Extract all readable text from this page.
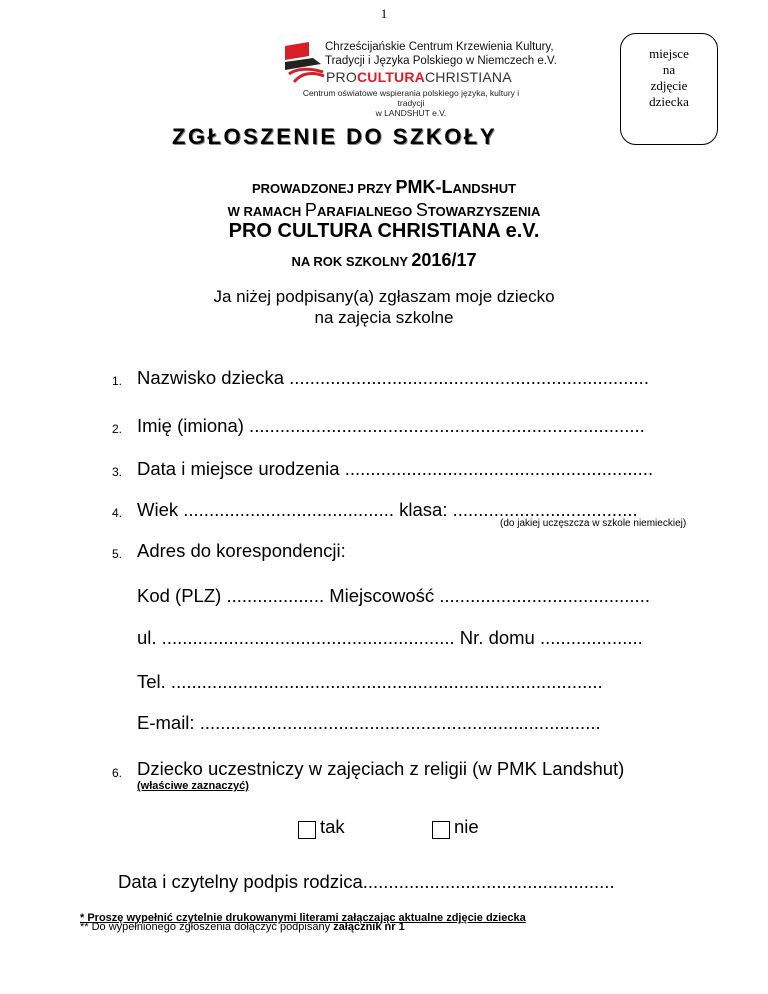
1
miejsce
na
zdjęcie
dziecka
Chrześcijańskie Centrum Krzewienia Kultury,
Tradycji i Języka Polskiego w Niemczech e.V.
PROCULTURACHRISTIANA
Centrum oświatowe wspierania polskiego języka, kultury i tradycji
w LANDSHUT e.V.
ZGŁOSZENIE DO SZKOŁY
PROWADZONEJ PRZY PMK-LANDSHUT
W RAMACH PARAFIALNEGO STOWARZYSZENIA
PRO CULTURA CHRISTIANA e.V.
NA ROK SZKOLNY 2016/17
Ja niżej podpisany(a) zgłaszam moje dziecko
na zajęcia szkolne
1. Nazwisko dziecka ......................................................................
2. Imię (imiona) .............................................................................
3. Data i miejsce urodzenia ............................................................
4. Wiek ......................................... klasa: ....................................
(do jakiej uczęszcza w szkole niemieckiej)
5. Adres do korespondencji:
Kod (PLZ) ................... Miejscowość .........................................
ul. ......................................................... Nr. domu ....................
Tel. ....................................................................................
E-mail: ..............................................................................
6. Dziecko uczestniczy w zajęciach z religii (w PMK Landshut)
(właściwe zaznaczyć)
tak	nie
Data i czytelny podpis rodzica.................................................
* Proszę wypełnić czytelnie drukowanymi literami załączając aktualne zdjęcie dziecka
** Do wypełnionego zgłoszenia dołączyć podpisany załącznik nr 1
